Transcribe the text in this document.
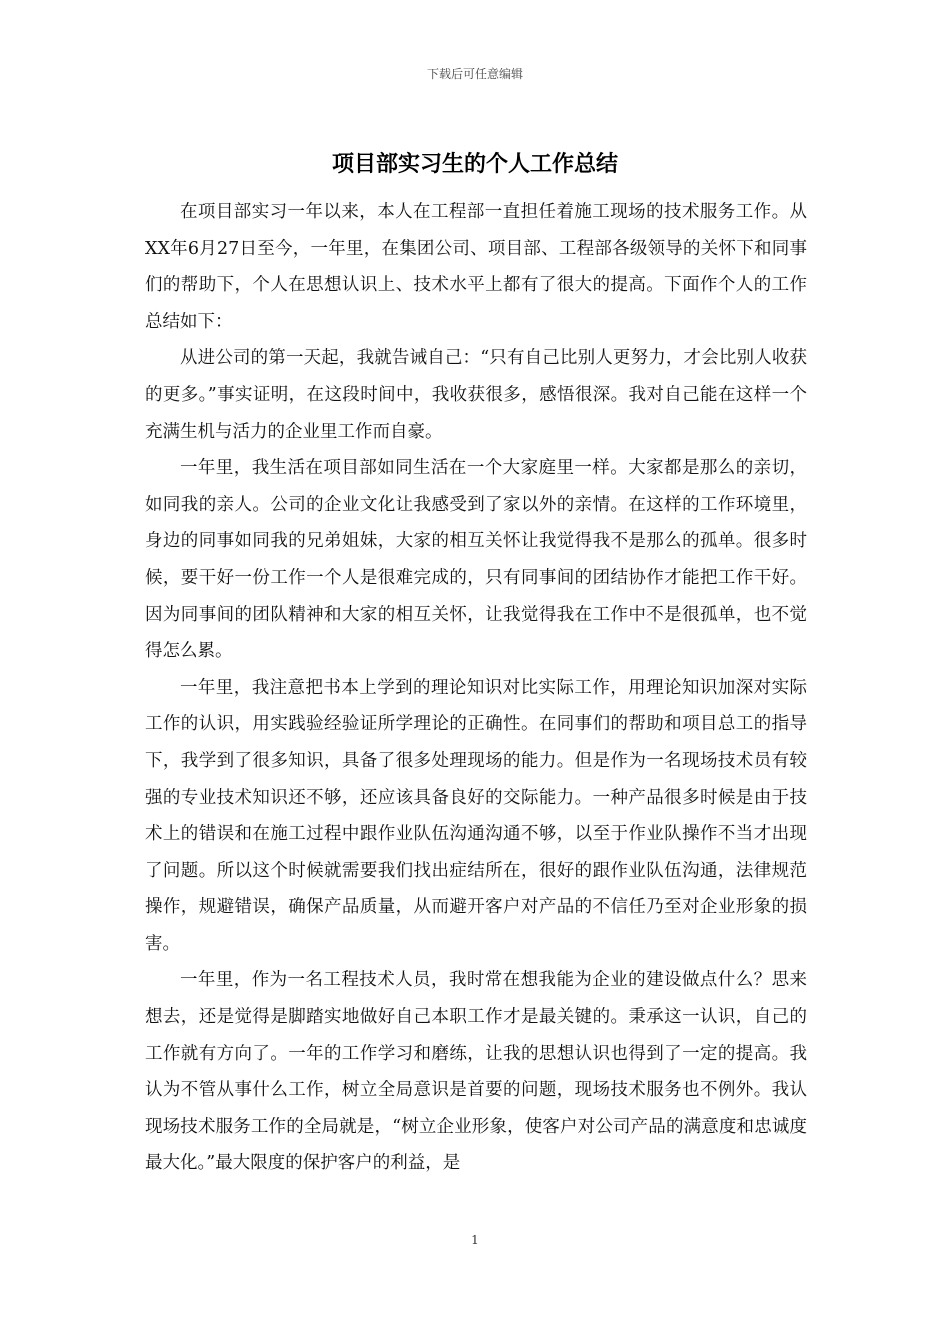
下载后可任意编辑
项目部实习生的个人工作总结

在项目部实习一年以来，本人在工程部一直担任着施工现场的技术服务工作。从XX年6月27日至今，一年里，在集团公司、项目部、工程部各级领导的关怀下和同事们的帮助下，个人在思想认识上、技术水平上都有了很大的提高。下面作个人的工作总结如下：

从进公司的第一天起，我就告诫自己：“只有自己比别人更努力，才会比别人收获的更多。”事实证明，在这段时间中，我收获很多，感悟很深。我对自己能在这样一个充满生机与活力的企业里工作而自豪。

一年里，我生活在项目部如同生活在一个大家庭里一样。大家都是那么的亲切，如同我的亲人。公司的企业文化让我感受到了家以外的亲情。在这样的工作环境里，身边的同事如同我的兄弟姐妹，大家的相互关怀让我觉得我不是那么的孤单。很多时候，要干好一份工作一个人是很难完成的，只有同事间的团结协作才能把工作干好。因为同事间的团队精神和大家的相互关怀，让我觉得我在工作中不是很孤单，也不觉得怎么累。

一年里，我注意把书本上学到的理论知识对比实际工作，用理论知识加深对实际工作的认识，用实践验经验证所学理论的正确性。在同事们的帮助和项目总工的指导下，我学到了很多知识，具备了很多处理现场的能力。但是作为一名现场技术员有较强的专业技术知识还不够，还应该具备良好的交际能力。一种产品很多时候是由于技术上的错误和在施工过程中跟作业队伍沟通沟通不够，以至于作业队操作不当才出现了问题。所以这个时候就需要我们找出症结所在，很好的跟作业队伍沟通，法律规范操作，规避错误，确保产品质量，从而避开客户对产品的不信任乃至对企业形象的损害。

一年里，作为一名工程技术人员，我时常在想我能为企业的建设做点什么？思来想去，还是觉得是脚踏实地做好自己本职工作才是最关键的。秉承这一认识，自己的工作就有方向了。一年的工作学习和磨练，让我的思想认识也得到了一定的提高。我认为不管从事什么工作，树立全局意识是首要的问题，现场技术服务也不例外。我认现场技术服务工作的全局就是，“树立企业形象，使客户对公司产品的满意度和忠诚度最大化。”最大限度的保护客户的利益，是

1
